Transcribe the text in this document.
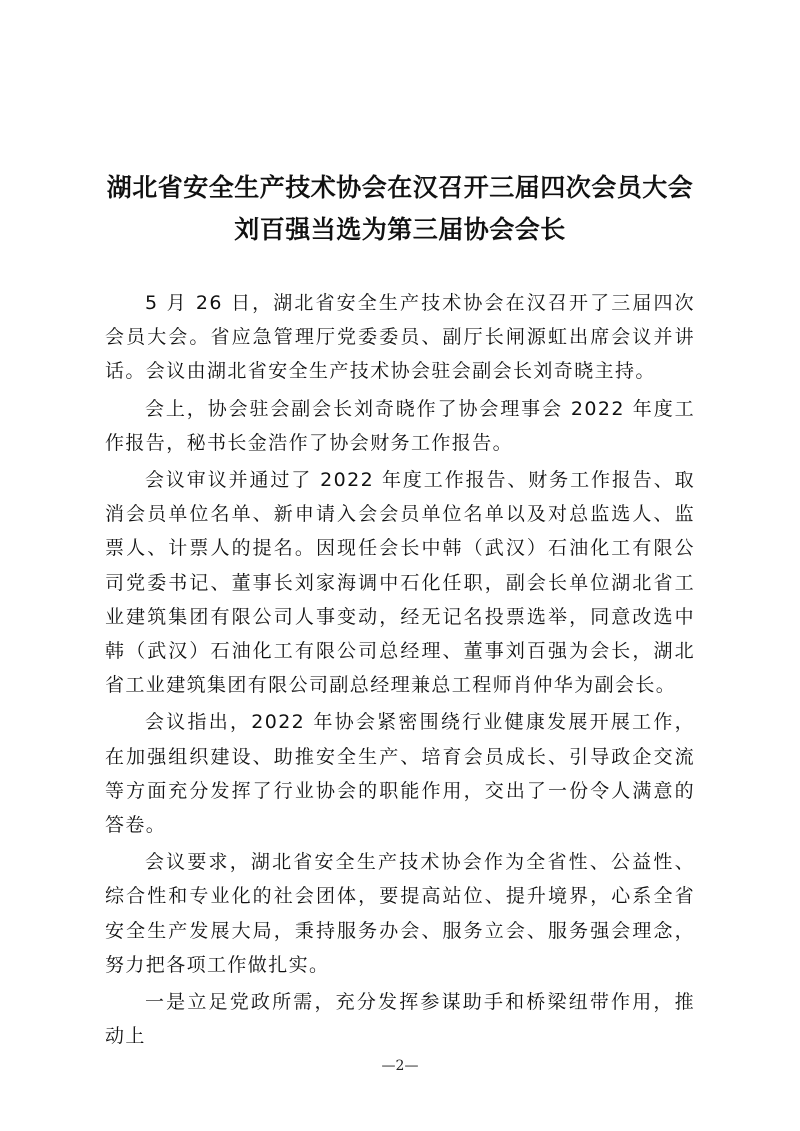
湖北省安全生产技术协会在汉召开三届四次会员大会
刘百强当选为第三届协会会长

5 月 26 日，湖北省安全生产技术协会在汉召开了三届四次会员大会。省应急管理厅党委委员、副厅长闸源虹出席会议并讲话。会议由湖北省安全生产技术协会驻会副会长刘奇晓主持。

会上，协会驻会副会长刘奇晓作了协会理事会 2022 年度工作报告，秘书长金浩作了协会财务工作报告。

会议审议并通过了 2022 年度工作报告、财务工作报告、取消会员单位名单、新申请入会会员单位名单以及对总监选人、监票人、计票人的提名。因现任会长中韩（武汉）石油化工有限公司党委书记、董事长刘家海调中石化任职，副会长单位湖北省工业建筑集团有限公司人事变动，经无记名投票选举，同意改选中韩（武汉）石油化工有限公司总经理、董事刘百强为会长，湖北省工业建筑集团有限公司副总经理兼总工程师肖仲华为副会长。

会议指出，2022 年协会紧密围绕行业健康发展开展工作，在加强组织建设、助推安全生产、培育会员成长、引导政企交流等方面充分发挥了行业协会的职能作用，交出了一份令人满意的答卷。

会议要求，湖北省安全生产技术协会作为全省性、公益性、综合性和专业化的社会团体，要提高站位、提升境界，心系全省安全生产发展大局，秉持服务办会、服务立会、服务强会理念，努力把各项工作做扎实。

一是立足党政所需，充分发挥参谋助手和桥梁纽带作用，推动上

—2—
